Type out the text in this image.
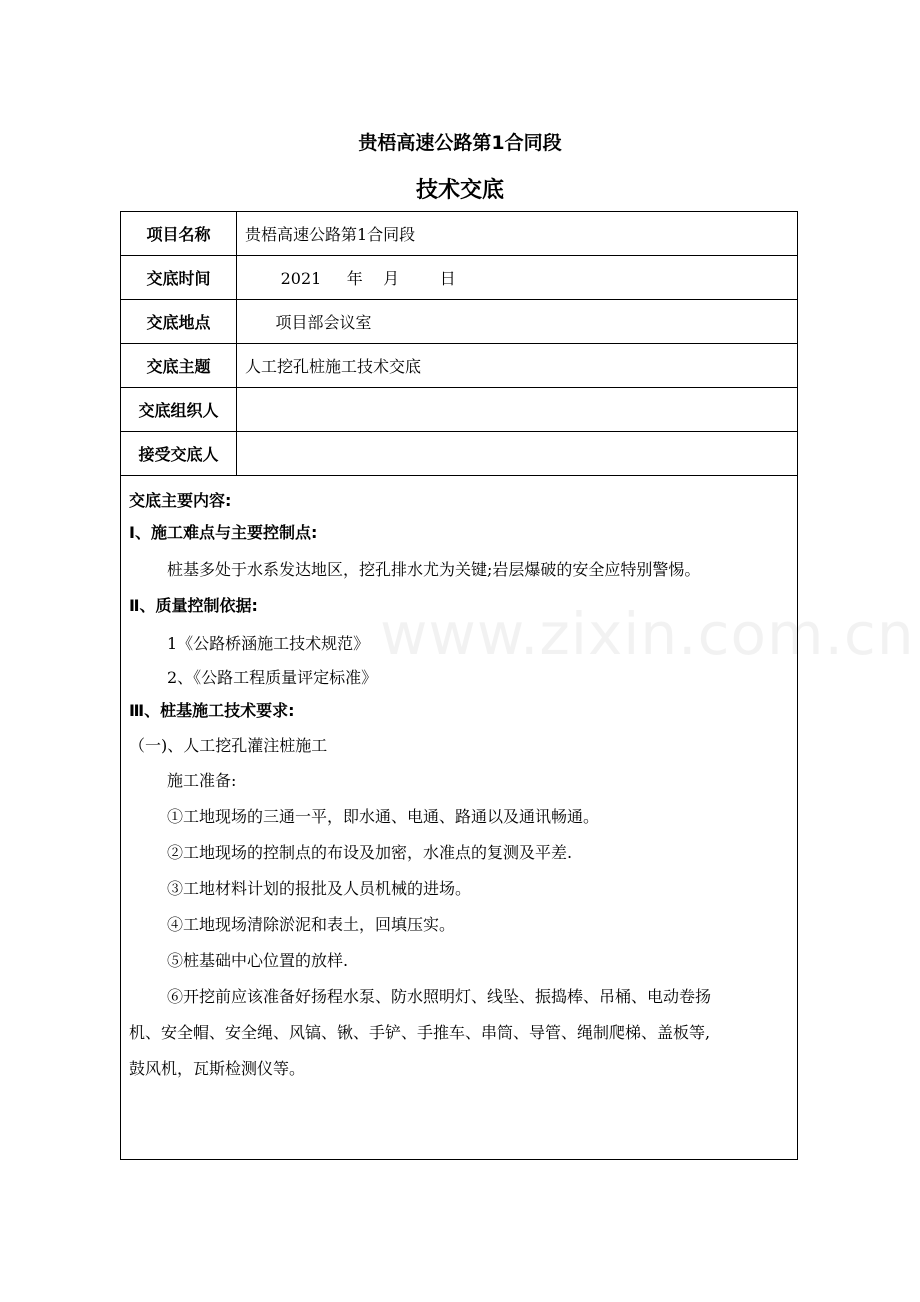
贵梧高速公路第1合同段
技术交底
项目名称	贵梧高速公路第1合同段
交底时间	2021     年    月        日
交底地点	项目部会议室
交底主题	人工挖孔桩施工技术交底
交底组织人
接受交底人
交底主要内容:
Ⅰ、施工难点与主要控制点:
桩基多处于水系发达地区，挖孔排水尤为关键;岩层爆破的安全应特别警惕。
Ⅱ、质量控制依据:
1《公路桥涵施工技术规范》
2、《公路工程质量评定标准》
Ⅲ、桩基施工技术要求:
（一)、人工挖孔灌注桩施工
施工准备:
①工地现场的三通一平，即水通、电通、路通以及通讯畅通。
②工地现场的控制点的布设及加密，水准点的复测及平差.
③工地材料计划的报批及人员机械的进场。
④工地现场清除淤泥和表土，回填压实。
⑤桩基础中心位置的放样.
⑥开挖前应该准备好扬程水泵、防水照明灯、线坠、振捣棒、吊桶、电动卷扬
机、安全帽、安全绳、风镐、锹、手铲、手推车、串筒、导管、绳制爬梯、盖板等,
鼓风机，瓦斯检测仪等。
www.zixin.com.cn
